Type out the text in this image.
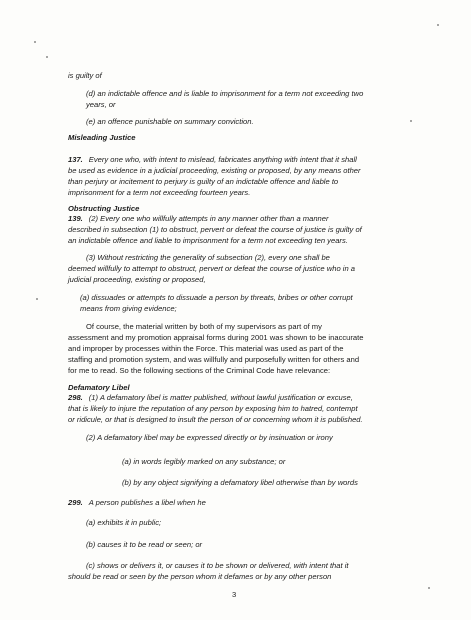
is guilty of

(d) an indictable offence and is liable to imprisonment for a term not exceeding two

years, or

(e) an offence punishable on summary conviction.

Misleading Justice

137. Every one who, with intent to mislead, fabricates anything with intent that it shall

be used as evidence in a judicial proceeding, existing or proposed, by any means other

than perjury or incitement to perjury is guilty of an indictable offence and liable to

imprisonment for a term not exceeding fourteen years.

Obstructing Justice

139. (2) Every one who willfully attempts in any manner other than a manner

described in subsection (1) to obstruct, pervert or defeat the course of justice is guilty of

an indictable offence and liable to imprisonment for a term not exceeding ten years.

(3) Without restricting the generality of subsection (2), every one shall be

deemed willfully to attempt to obstruct, pervert or defeat the course of justice who in a

judicial proceeding, existing or proposed,

(a) dissuades or attempts to dissuade a person by threats, bribes or other corrupt

means from giving evidence;

Of course, the material written by both of my supervisors as part of my

assessment and my promotion appraisal forms during 2001 was shown to be inaccurate

and improper by processes within the Force. This material was used as part of the

staffing and promotion system, and was willfully and purposefully written for others and

for me to read. So the following sections of the Criminal Code have relevance:

Defamatory Libel

298. (1) A defamatory libel is matter published, without lawful justification or excuse,

that is likely to injure the reputation of any person by exposing him to hatred, contempt

or ridicule, or that is designed to insult the person of or concerning whom it is published.

(2) A defamatory libel may be expressed directly or by insinuation or irony

(a) in words legibly marked on any substance; or

(b) by any object signifying a defamatory libel otherwise than by words

299. A person publishes a libel when he

(a) exhibits it in public;

(b) causes it to be read or seen; or

(c) shows or delivers it, or causes it to be shown or delivered, with intent that it

should be read or seen by the person whom it defames or by any other person

3
